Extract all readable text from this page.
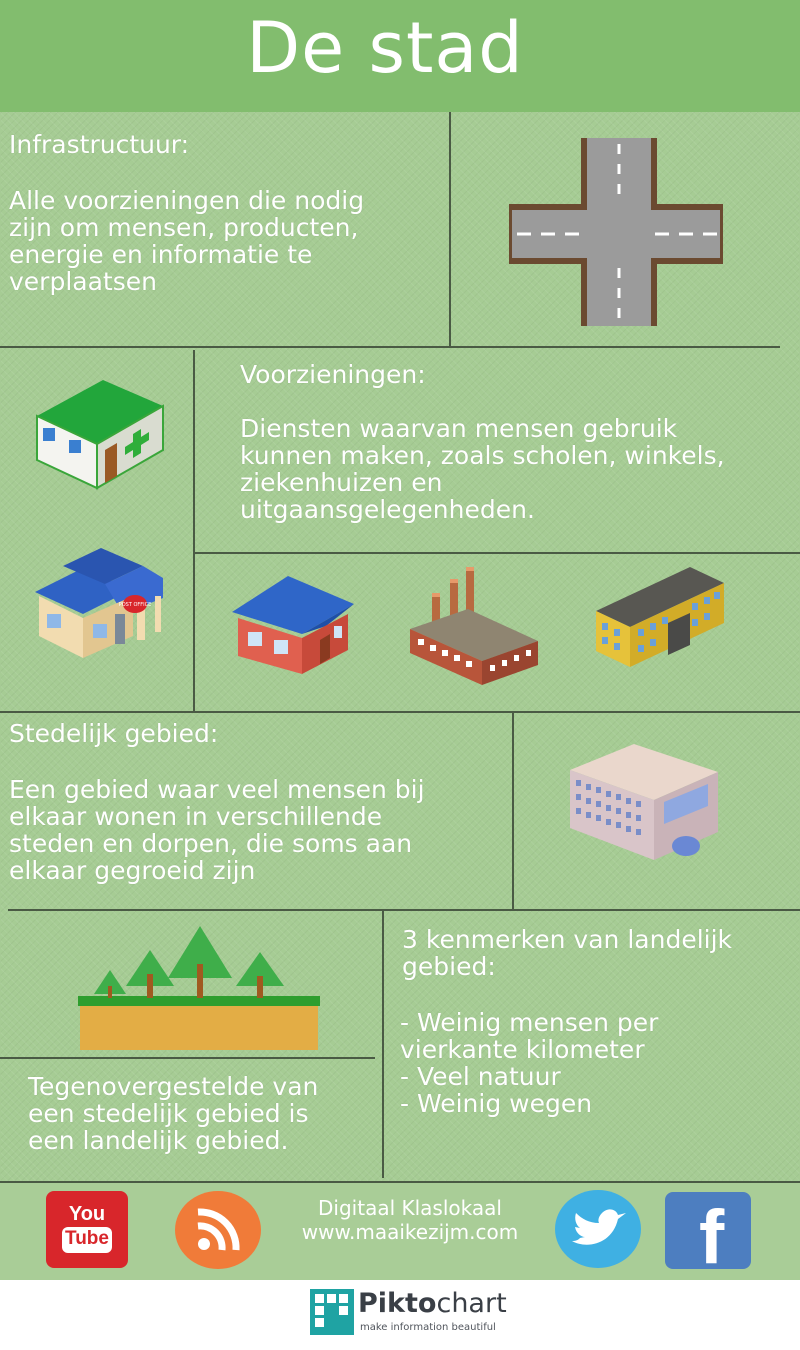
De stad
Infrastructuur:
Alle voorzieningen die nodig
zijn om mensen, producten,
energie en informatie te
verplaatsen
Voorzieningen:
Diensten waarvan mensen gebruik
kunnen maken, zoals scholen, winkels,
ziekenhuizen en
uitgaansgelegenheden.
POST OFFICE
Stedelijk gebied:
Een gebied waar veel mensen bij
elkaar wonen in verschillende
steden en dorpen, die soms aan
elkaar gegroeid zijn
Tegenovergestelde van
een stedelijk gebied is
een landelijk gebied.
3 kenmerken van landelijk
gebied:
- Weinig mensen per
vierkante kilometer
- Veel natuur
- Weinig wegen
You
Tube
Digitaal Klaslokaal
www.maaikezijm.com	f
Piktochart
make information beautiful
